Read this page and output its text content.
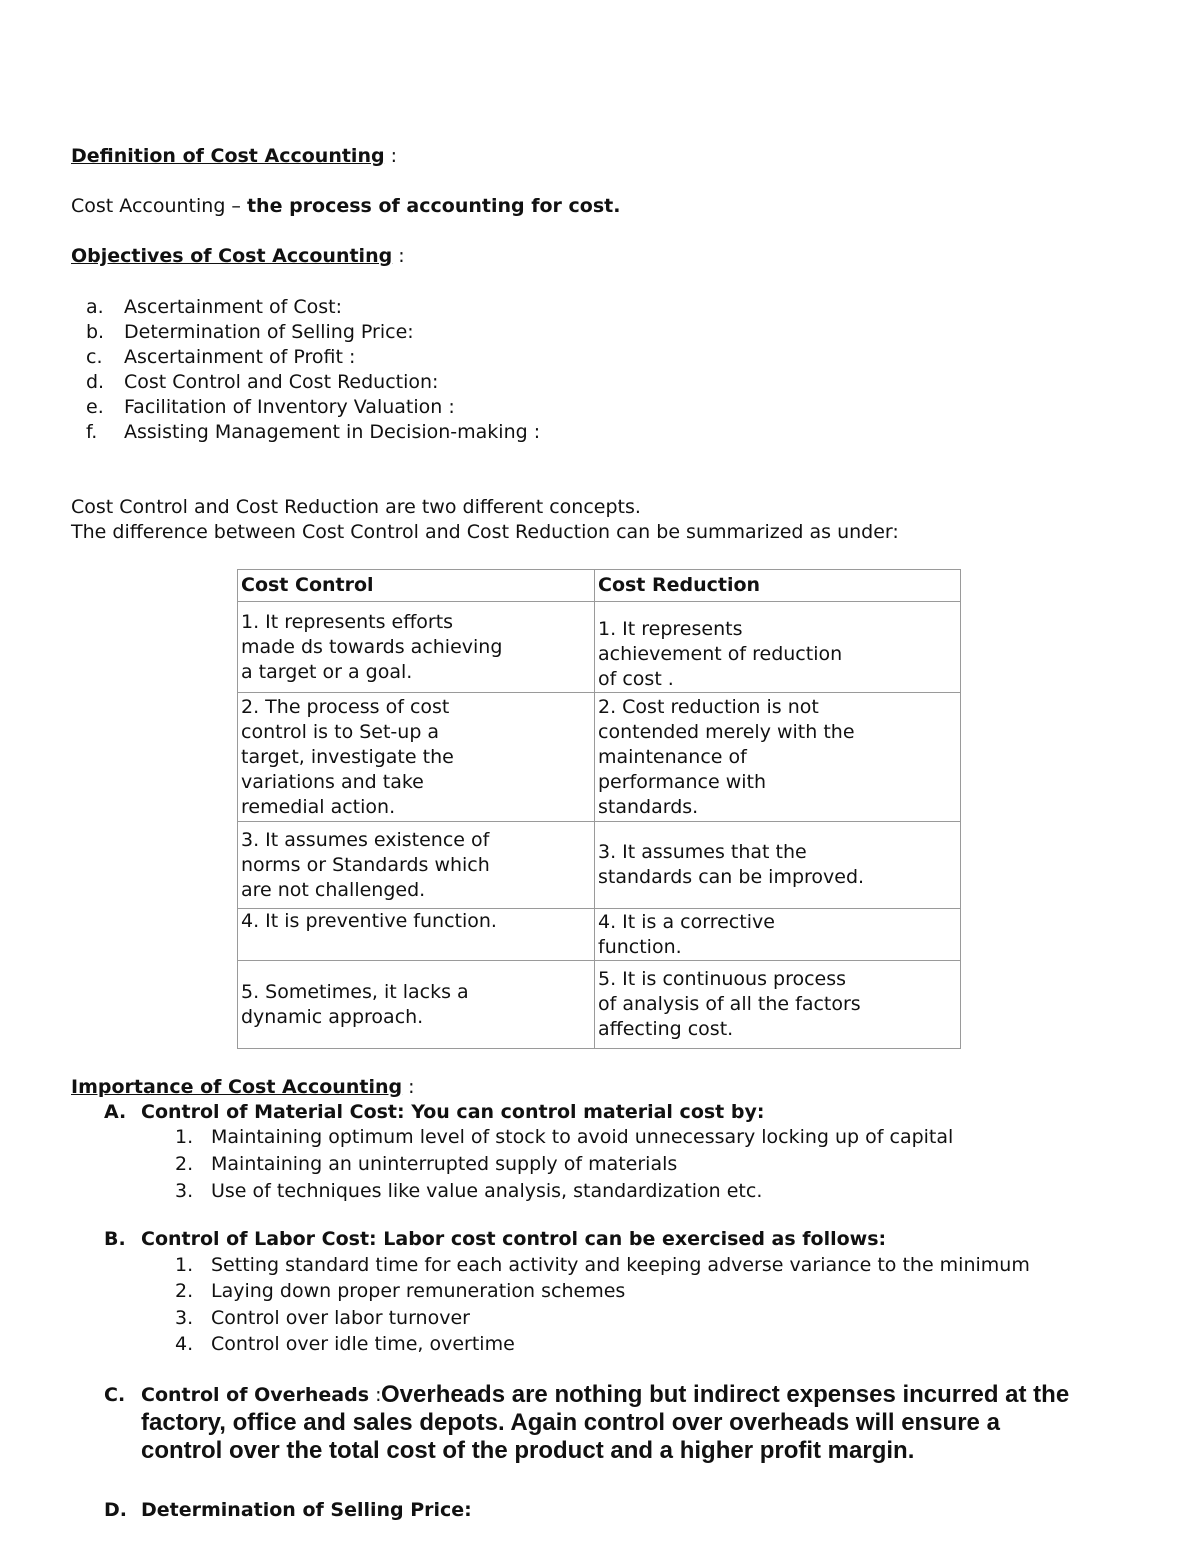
Definition of Cost Accounting :
Cost Accounting – the process of accounting for cost.
Objectives of Cost Accounting :
a. Ascertainment of Cost:
b. Determination of Selling Price:
c. Ascertainment of Profit :
d. Cost Control and Cost Reduction:
e. Facilitation of Inventory Valuation :
f. Assisting Management in Decision-making :
Cost Control and Cost Reduction are two different concepts.
The difference between Cost Control and Cost Reduction can be summarized as under:
Cost Control	Cost Reduction
1. It represents efforts
made ds towards achieving
a target or a goal.	1. It represents
achievement of reduction
of cost .
2. The process of cost
control is to Set-up a
target, investigate the
variations and take
remedial action.	2. Cost reduction is not
contended merely with the
maintenance of
performance with
standards.
3. It assumes existence of
norms or Standards which
are not challenged.	3. It assumes that the
standards can be improved.
4. It is preventive function.	4. It is a corrective
function.
5. Sometimes, it lacks a
dynamic approach.	5. It is continuous process
of analysis of all the factors
affecting cost.
Importance of Cost Accounting :
A. Control of Material Cost: You can control material cost by:
1. Maintaining optimum level of stock to avoid unnecessary locking up of capital
2. Maintaining an uninterrupted supply of materials
3. Use of techniques like value analysis, standardization etc.
B. Control of Labor Cost: Labor cost control can be exercised as follows:
1. Setting standard time for each activity and keeping adverse variance to the minimum
2. Laying down proper remuneration schemes
3. Control over labor turnover
4. Control over idle time, overtime
C. Control of Overheads : Overheads are nothing but indirect expenses incurred at the factory, office and sales depots. Again control over overheads will ensure a control over the total cost of the product and a higher profit margin.
D. Determination of Selling Price:
